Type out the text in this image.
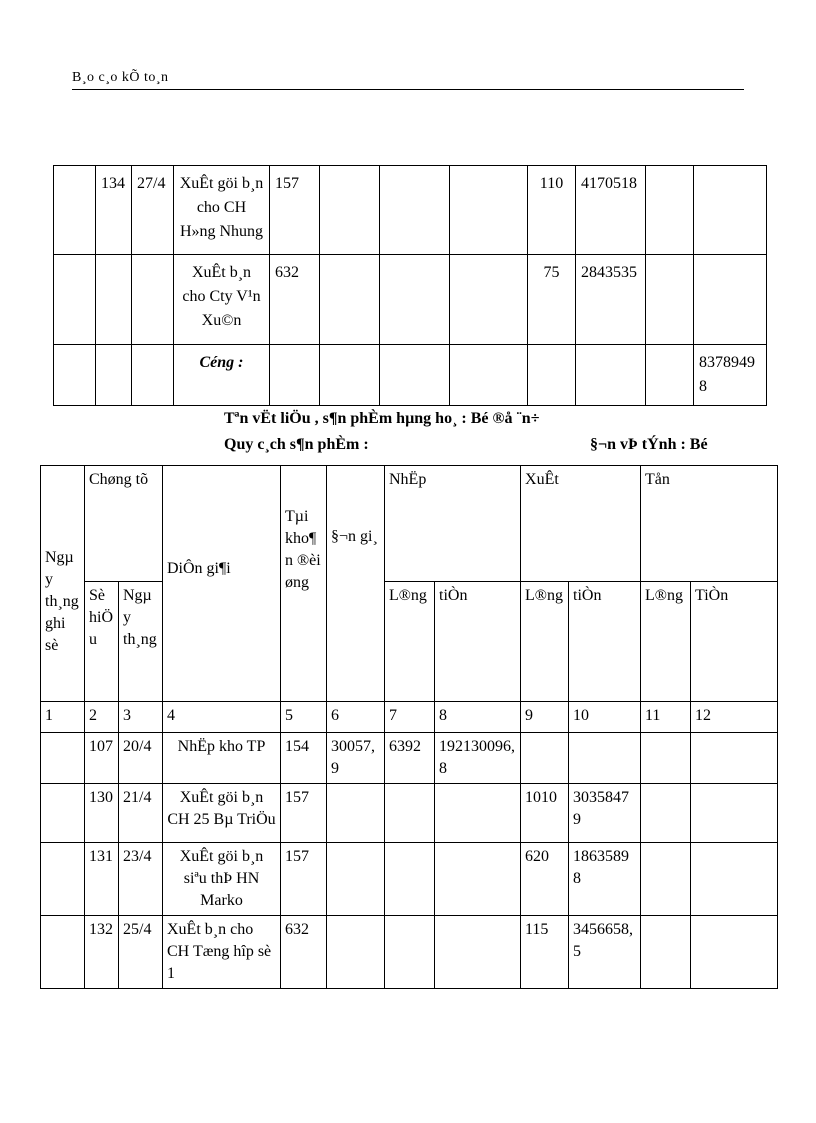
B¸o c¸o kÕ to¸n
	134	27/4	XuÊt göi b¸n cho CH H»ng Nhung	157				110	4170518		
			XuÊt b¸n cho Cty V¹n Xu©n	632				75	2843535		
			Céng :								83789498
Tªn vËt liÖu , s¶n phÈm hµng ho¸ : Bé ®å ¨n÷
Quy c¸ch s¶n phÈm :	§¬n vÞ tÝnh : Bé
Ngµy th¸ng ghi sè	Chøng tõ		DiÔn gi¶i	Tµi kho¶n ®èi øng	§¬n gi¸	NhËp		XuÊt		Tån	
	Sè hiÖu	Ngµy th¸ng				L®ng	tiÒn	L®ng	tiÒn	L®ng	TiÒn
1	2	3	4	5	6	7	8	9	10	11	12
	107	20/4	NhËp kho TP	154	30057,9	6392	192130096,8				
	130	21/4	XuÊt göi b¸n CH 25 Bµ TriÖu	157				1010	30358479		
	131	23/4	XuÊt göi b¸n siªu thÞ HN Marko	157				620	18635898		
	132	25/4	XuÊt b¸n cho CH Tæng hîp sè 1	632				115	3456658,5		
